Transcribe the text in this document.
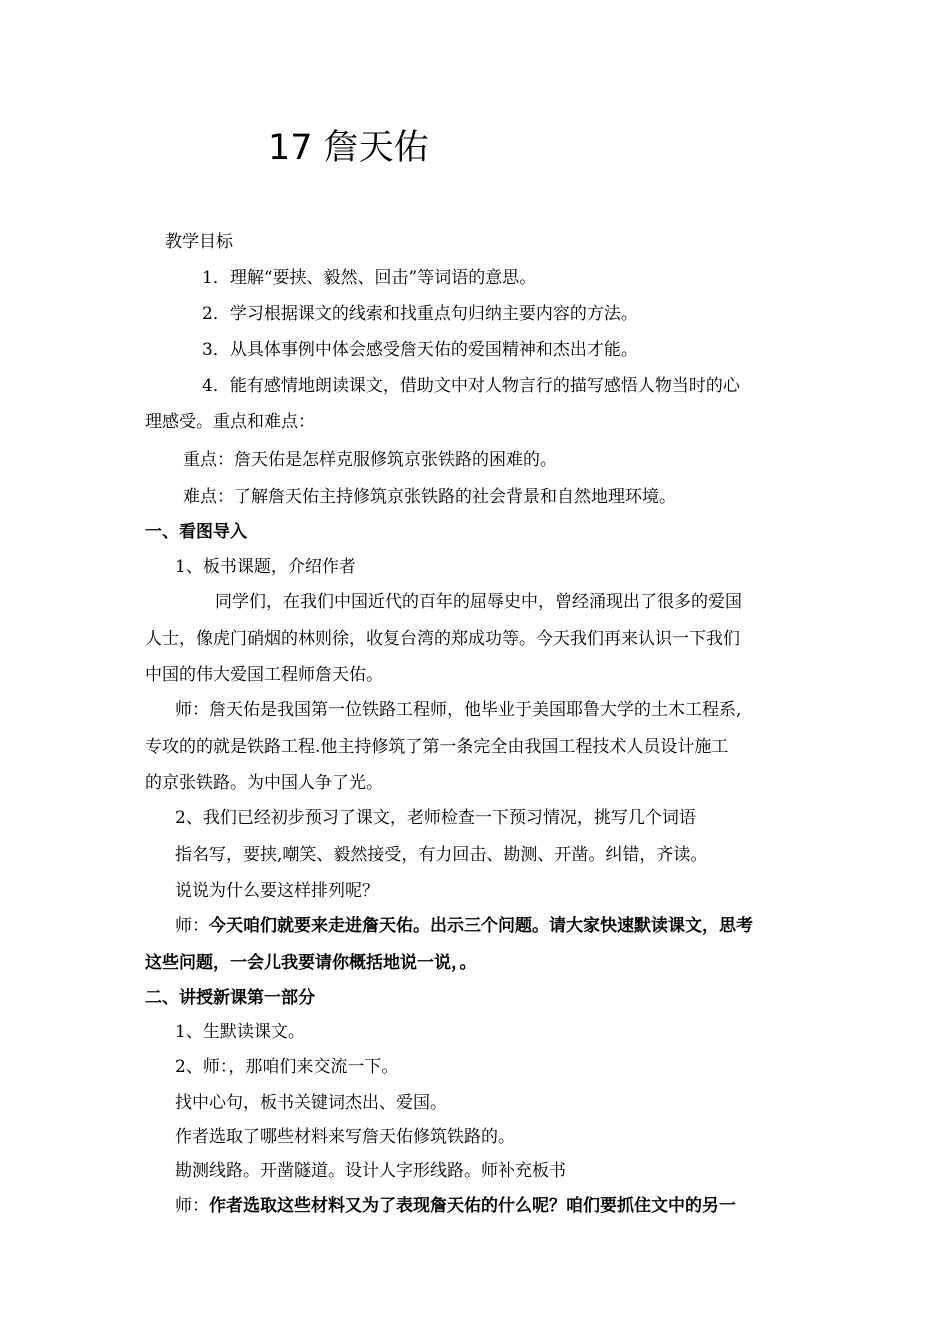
17 詹天佑
教学目标
1．理解“要挟、毅然、回击”等词语的意思。
2．学习根据课文的线索和找重点句归纳主要内容的方法。
3．从具体事例中体会感受詹天佑的爱国精神和杰出才能。
4．能有感情地朗读课文，借助文中对人物言行的描写感悟人物当时的心
理感受。重点和难点：
重点：詹天佑是怎样克服修筑京张铁路的困难的。
难点：了解詹天佑主持修筑京张铁路的社会背景和自然地理环境。
一、看图导入
1、板书课题，介绍作者
同学们，在我们中国近代的百年的屈辱史中，曾经涌现出了很多的爱国
人士，像虎门硝烟的林则徐，收复台湾的郑成功等。今天我们再来认识一下我们
中国的伟大爱国工程师詹天佑。
师：詹天佑是我国第一位铁路工程师，他毕业于美国耶鲁大学的土木工程系,
专攻的的就是铁路工程.他主持修筑了第一条完全由我国工程技术人员设计施工
的京张铁路。为中国人争了光。
2、我们已经初步预习了课文，老师检查一下预习情况，挑写几个词语
指名写，要挟,嘲笑、毅然接受，有力回击、勘测、开凿。纠错，齐读。
说说为什么要这样排列呢？
师：今天咱们就要来走进詹天佑。出示三个问题。请大家快速默读课文，思考
这些问题，一会儿我要请你概括地说一说，。
二、讲授新课第一部分
1、生默读课文。
2、师：，那咱们来交流一下。
找中心句，板书关键词杰出、爱国。
作者选取了哪些材料来写詹天佑修筑铁路的。
勘测线路。开凿隧道。设计人字形线路。师补充板书
师：作者选取这些材料又为了表现詹天佑的什么呢？咱们要抓住文中的另一
